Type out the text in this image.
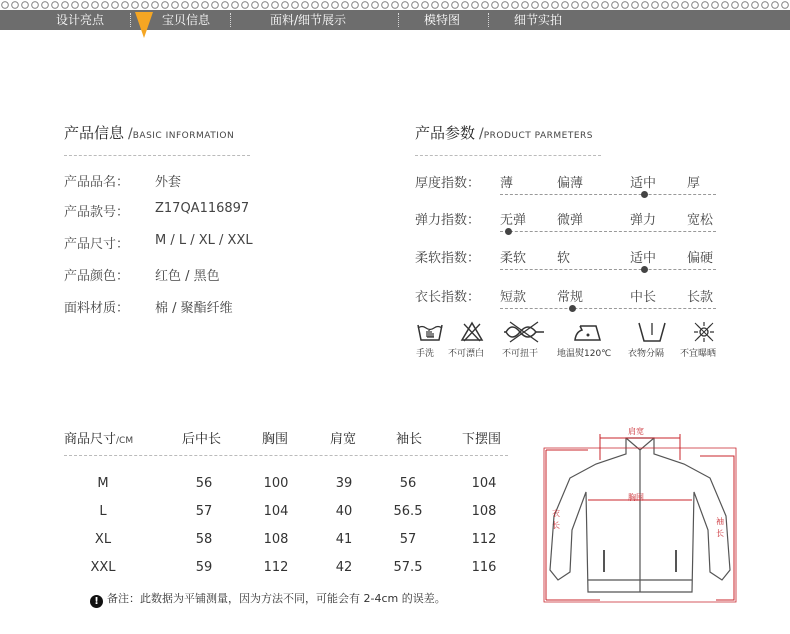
设计亮点	宝贝信息	面料/细节展示	模特图	细节实拍
产品信息 /BASIC INFORMATION
产品品名： 外套
产品款号： Z17QA116897
产品尺寸： M / L / XL / XXL
产品颜色： 红色 / 黑色
面料材质： 棉 / 聚酯纤维
产品参数 /PRODUCT PARMETERS
厚度指数： 薄	偏薄	适中 厚
弹力指数： 无弹 微弹	弹力 宽松
柔软指数： 柔软 软	适中 偏硬
衣长指数： 短款 常规	中长 长款
手洗 不可漂白 不可扭干 地温熨120℃ 衣物分隔 不宜曝晒
商品尺寸/CM	后中长	胸围	肩宽	袖长	下摆围
M	56	100	39	56	104
L	57	104	40	56.5	108
XL	58	108	41	57	112
XXL	59	112	42	57.5	116
! 备注：此数据为平铺测量，因为方法不同，可能会有 2-4cm 的误差。
肩宽
胸围
衣
长	袖
长
